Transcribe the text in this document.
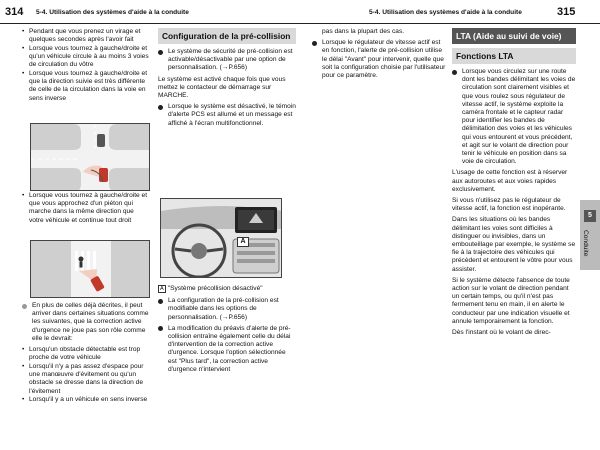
314 5-4. Utilisation des systèmes d'aide à la conduite
• Pendant que vous prenez un virage et quelques secondes après l'avoir fait
• Lorsque vous tournez à gauche/droite et qu'un véhicule circule à au moins 3 voies de circulation du vôtre
• Lorsque vous tournez à gauche/droite et que la direction suivie est très différente de celle de la circulation dans la voie en sens inverse
• Lorsque vous tournez à gauche/droite et que vous approchez d'un piéton qui marche dans la même direction que votre véhicule et continue tout droit

En plus de celles déjà décrites, il peut arriver dans certaines situations comme les suivantes, que la correction active d'urgence ne joue pas son rôle comme elle le devrait:

• Lorsqu'un obstacle détectable est trop proche de votre véhicule
• Lorsqu'il n'y a pas assez d'espace pour une manœuvre d'évitement ou qu'un obstacle se dresse dans la direction de l'évitement
• Lorsqu'il y a un véhicule en sens inverse
Configuration de la pré-collision

Le système de sécurité de pré-collision est activable/désactivable par une option de personnalisation. (→P.656)

Le système est activé chaque fois que vous mettez le contacteur de démarrage sur MARCHE.

Lorsque le système est désactivé, le témoin d'alerte PCS est allumé et un message est affiché à l'écran multifonctionnel.

A

A "Système précollision désactivé"

La configuration de la pré-collision est modifiable dans les options de personnalisation. (→P.656)

La modification du préavis d'alerte de pré-collision entraîne également celle du délai d'intervention de la correction active d'urgence. Lorsque l'option sélectionnée est "Plus tard", la correction active d'urgence n'intervient

5-4. Utilisation des systèmes d'aide à la conduite	315

pas dans la plupart des cas.

Lorsque le régulateur de vitesse actif est en fonction, l'alerte de pré-collision utilise le délai "Avant" pour intervenir, quelle que soit la configuration choisie par l'utilisateur pour ce paramètre.

LTA (Aide au suivi de voie)
Fonctions LTA

Lorsque vous circulez sur une route dont les bandes délimitant les voies de circulation sont clairement visibles et que vous roulez sous régulateur de vitesse actif, le système exploite la caméra frontale et le capteur radar pour identifier les bandes de délimitation des voies et les véhicules qui vous entourent et vous précédent, et agit sur le volant de direction pour tenir le véhicule en position dans sa voie de circulation.

L'usage de cette fonction est à réserver aux autoroutes et aux voies rapides exclusivement.

Si vous n'utilisez pas le régulateur de vitesse actif, la fonction est inopérante.

Dans les situations où les bandes délimitant les voies sont difficiles à distinguer ou invisibles, dans un embouteillage par exemple, le système se fie à la trajectoire des véhicules qui précèdent et entourent le vôtre pour vous assister.

Si le système détecte l'absence de toute action sur le volant de direction pendant un certain temps, ou qu'il n'est pas fermement tenu en main, il en alerte le conducteur par une indication visuelle et annule temporairement la fonction.

Dès l'instant où le volant de direc-

5
Conduite
